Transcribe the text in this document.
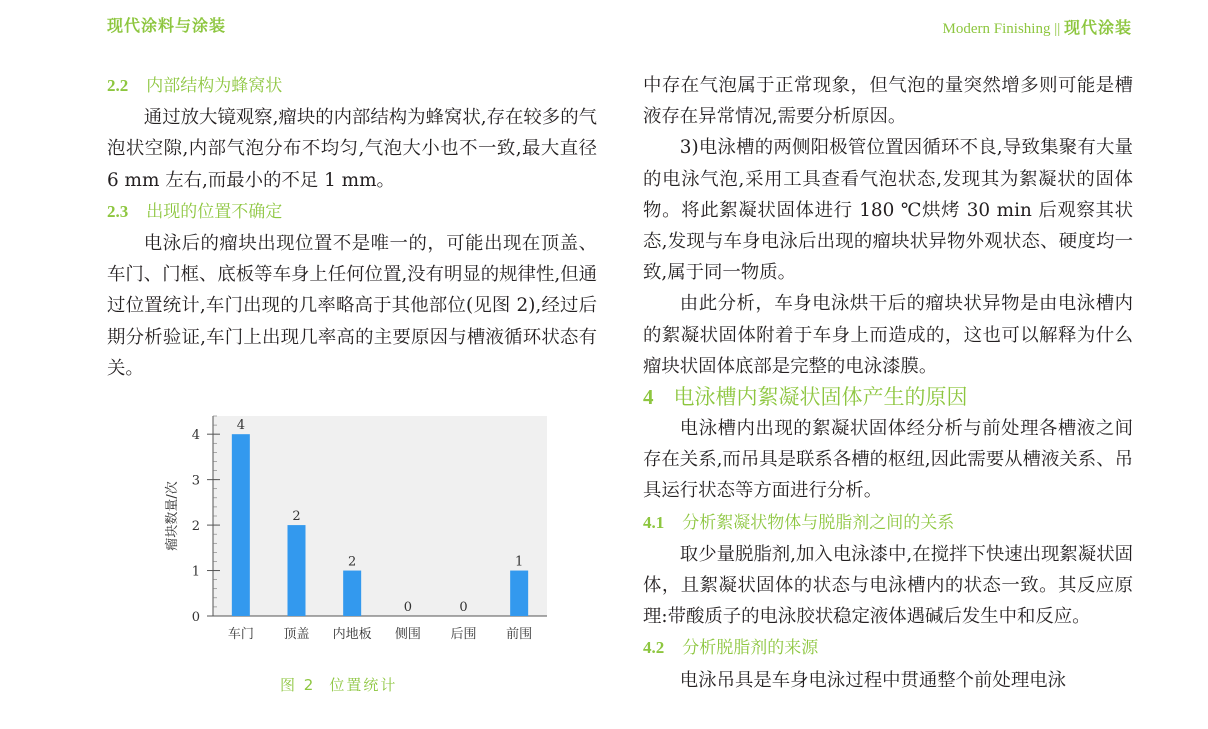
现代涂料与涂装	Modern Finishing || 现代涂装
2.2 内部结构为蜂窝状

通过放大镜观察,瘤块的内部结构为蜂窝状,存在较多的气泡状空隙,内部气泡分布不均匀,气泡大小也不一致,最大直径 6 mm 左右,而最小的不足 1 mm。

2.3 出现的位置不确定

电泳后的瘤块出现位置不是唯一的，可能出现在顶盖、车门、门框、底板等车身上任何位置,没有明显的规律性,但通过位置统计,车门出现的几率略高于其他部位(见图 2),经过后期分析验证,车门上出现几率高的主要原因与槽液循环状态有关。

0
1
2
3
4
瘤块数量/次
4
车门
2
顶盖
2
内地板
0
侧围
0
后围
1
前围
图 2 位置统计

中存在气泡属于正常现象，但气泡的量突然增多则可能是槽液存在异常情况,需要分析原因。

3)电泳槽的两侧阳极管位置因循环不良,导致集聚有大量的电泳气泡,采用工具查看气泡状态,发现其为絮凝状的固体物。将此絮凝状固体进行 180 ℃烘烤 30 min 后观察其状态,发现与车身电泳后出现的瘤块状异物外观状态、硬度均一致,属于同一物质。

由此分析，车身电泳烘干后的瘤块状异物是由电泳槽内的絮凝状固体附着于车身上而造成的，这也可以解释为什么瘤块状固体底部是完整的电泳漆膜。

4 电泳槽内絮凝状固体产生的原因

电泳槽内出现的絮凝状固体经分析与前处理各槽液之间存在关系,而吊具是联系各槽的枢纽,因此需要从槽液关系、吊具运行状态等方面进行分析。

4.1 分析絮凝状物体与脱脂剂之间的关系

取少量脱脂剂,加入电泳漆中,在搅拌下快速出现絮凝状固体，且絮凝状固体的状态与电泳槽内的状态一致。其反应原理:带酸质子的电泳胶状稳定液体遇碱后发生中和反应。

4.2 分析脱脂剂的来源

电泳吊具是车身电泳过程中贯通整个前处理电泳
